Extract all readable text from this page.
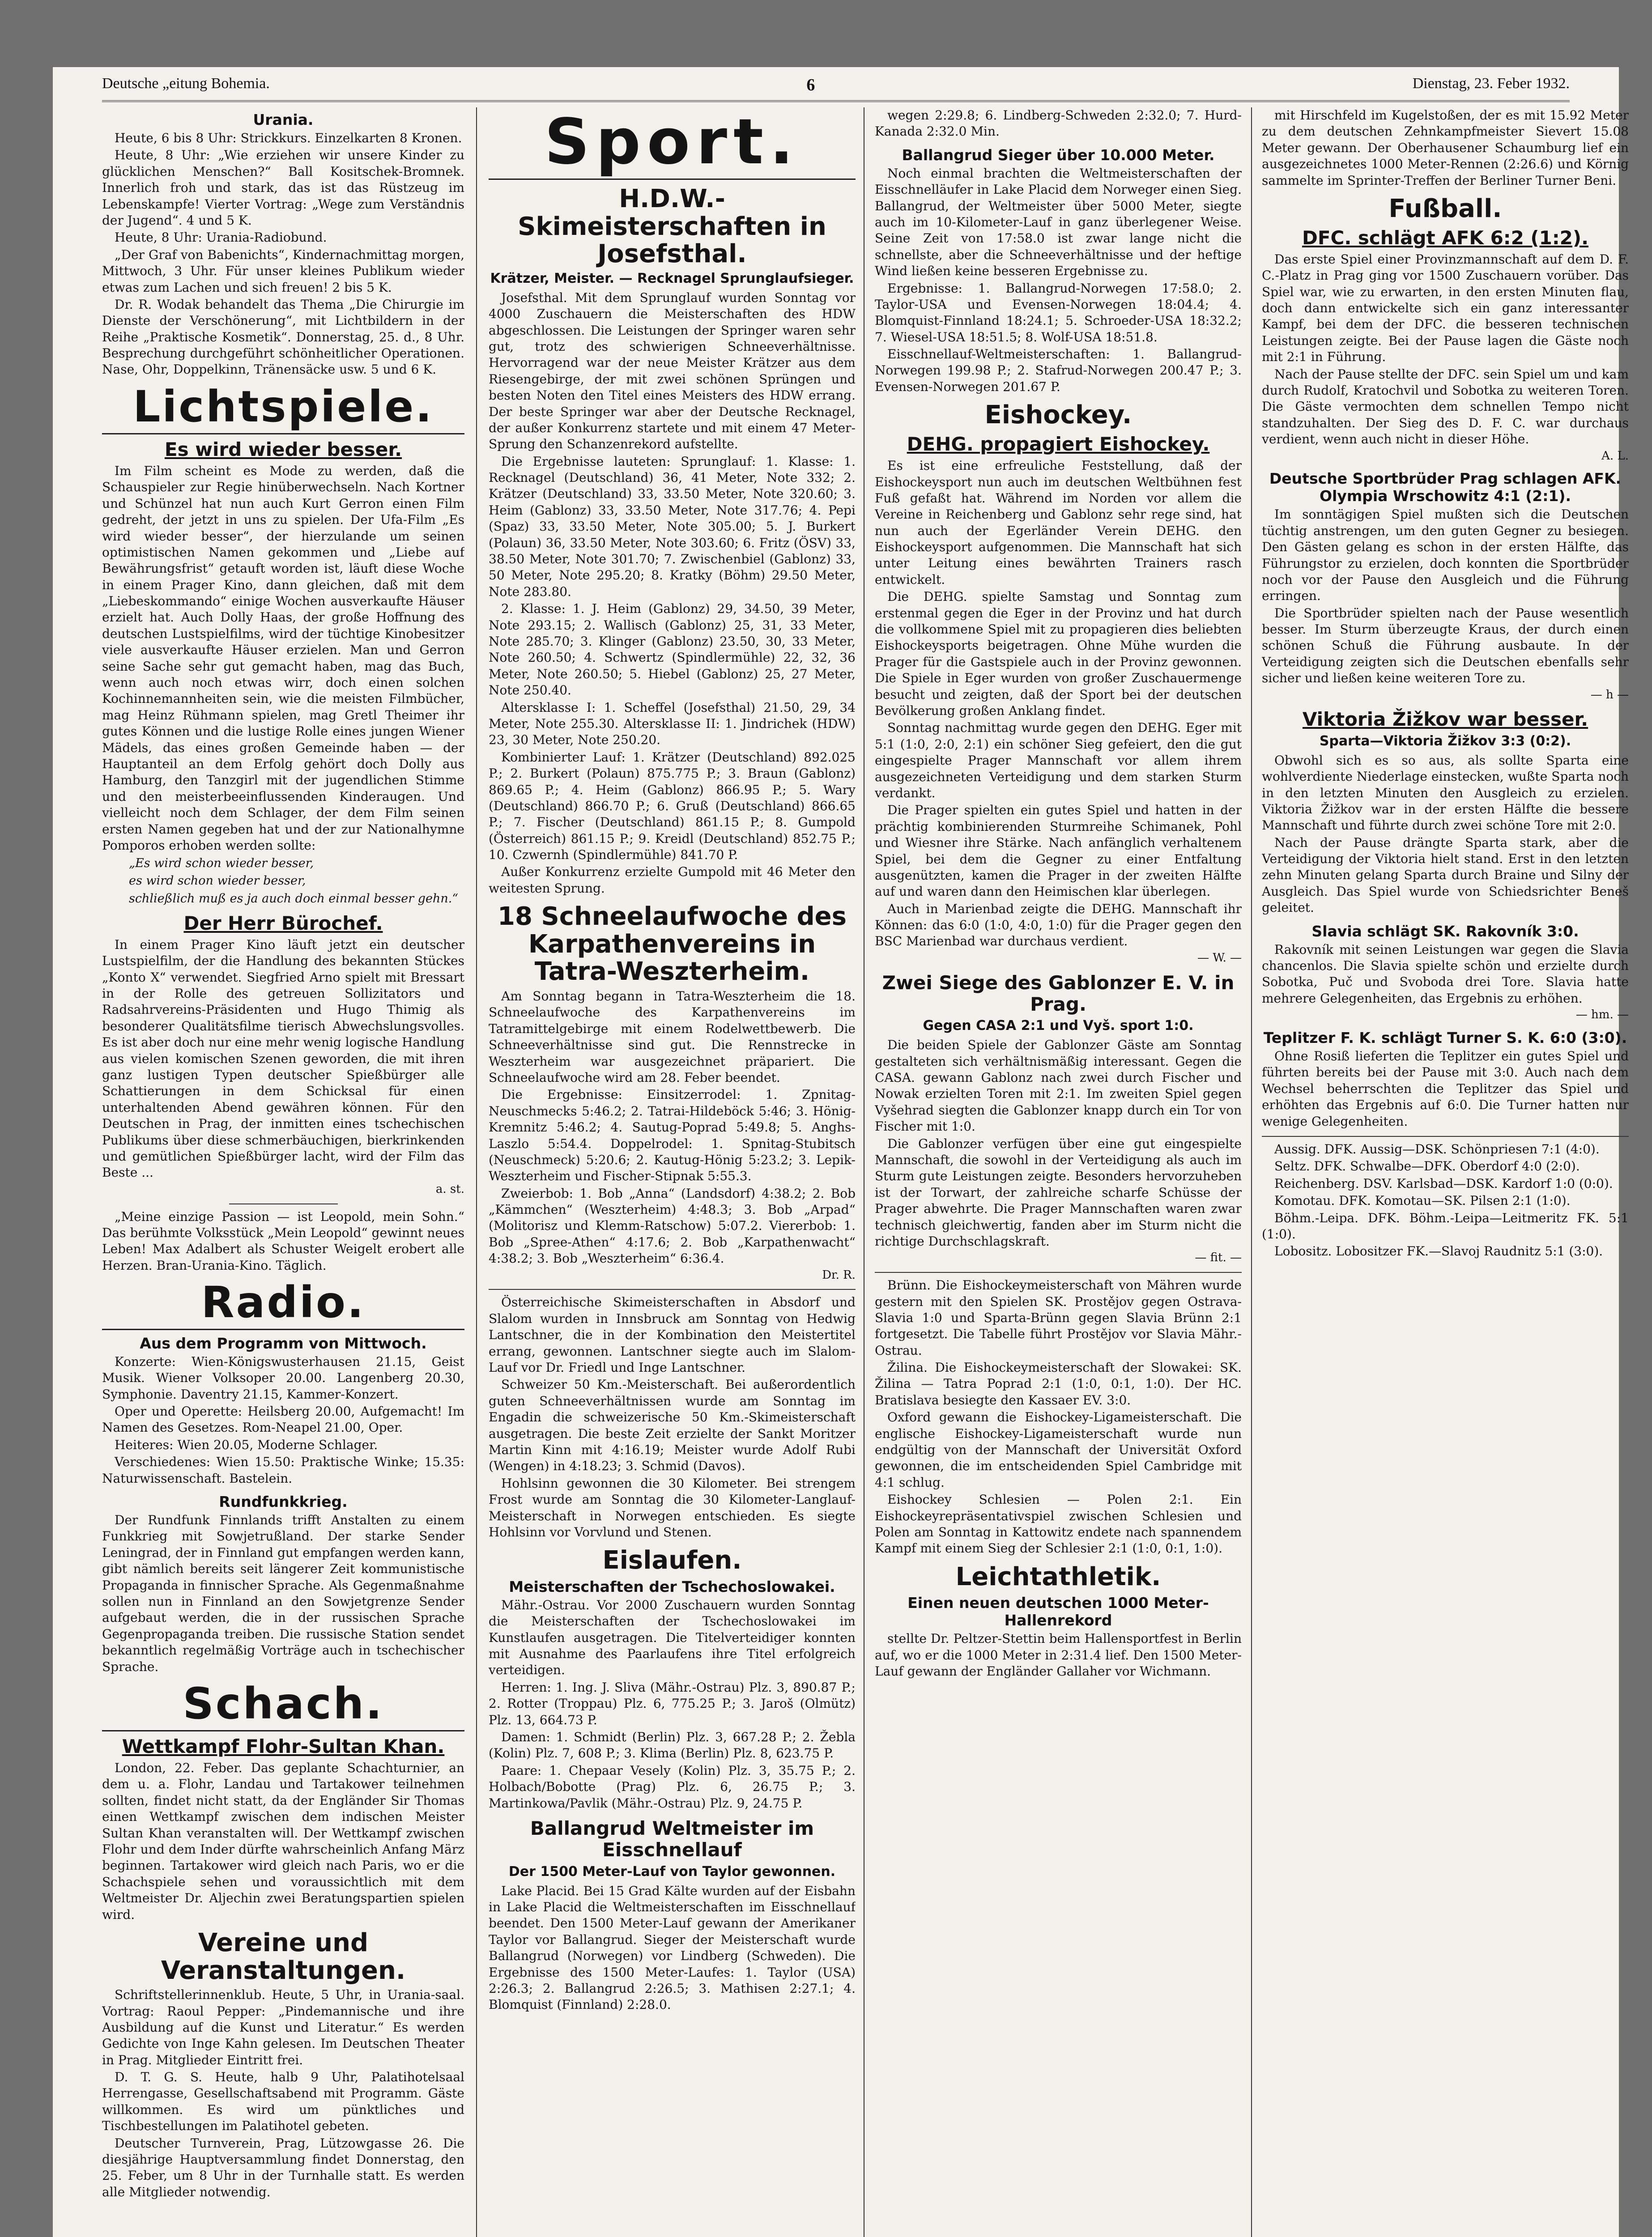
Deutsche „eitung Bohemia.	6	Dienstag, 23. Feber 1932.
Urania.

Heute, 6 bis 8 Uhr: Strickkurs. Einzelkarten 8 Kronen.

Heute, 8 Uhr: „Wie erziehen wir unsere Kinder zu glücklichen Menschen?“ Ball Kositschek-Bromnek. Innerlich froh und stark, das ist das Rüstzeug im Lebenskampfe! Vierter Vortrag: „Wege zum Verständnis der Jugend“. 4 und 5 K.

Heute, 8 Uhr: Urania-Radiobund.

„Der Graf von Babenichts“, Kindernachmittag morgen, Mittwoch, 3 Uhr. Für unser kleines Publikum wieder etwas zum Lachen und sich freuen! 2 bis 5 K.

Dr. R. Wodak behandelt das Thema „Die Chirurgie im Dienste der Verschönerung“, mit Lichtbildern in der Reihe „Praktische Kosmetik“. Donnerstag, 25. d., 8 Uhr. Besprechung durchgeführt schönheitlicher Operationen. Nase, Ohr, Doppelkinn, Tränensäcke usw. 5 und 6 K.

Lichtspiele.
Es wird wieder besser.

Im Film scheint es Mode zu werden, daß die Schauspieler zur Regie hinüberwechseln. Nach Kortner und Schünzel hat nun auch Kurt Gerron einen Film gedreht, der jetzt in uns zu spielen. Der Ufa-Film „Es wird wieder besser“, der hierzulande um seinen optimistischen Namen gekommen und „Liebe auf Bewährungsfrist“ getauft worden ist, läuft diese Woche in einem Prager Kino, dann gleichen, daß mit dem „Liebeskommando“ einige Wochen ausverkaufte Häuser erzielt hat. Auch Dolly Haas, der große Hoffnung des deutschen Lustspielfilms, wird der tüchtige Kinobesitzer viele ausverkaufte Häuser erzielen. Man und Gerron seine Sache sehr gut gemacht haben, mag das Buch, wenn auch noch etwas wirr, doch einen solchen Kochinnemannheiten sein, wie die meisten Filmbücher, mag Heinz Rühmann spielen, mag Gretl Theimer ihr gutes Können und die lustige Rolle eines jungen Wiener Mädels, das eines großen Gemeinde haben — der Hauptanteil an dem Erfolg gehört doch Dolly aus Hamburg, den Tanzgirl mit der jugendlichen Stimme und den meisterbeeinflussenden Kinderaugen. Und vielleicht noch dem Schlager, der dem Film seinen ersten Namen gegeben hat und der zur Nationalhymne Pomporos erhoben werden sollte:

„Es wird schon wieder besser,
es wird schon wieder besser,
schließlich muß es ja auch doch einmal besser gehn.“
Der Herr Bürochef.

In einem Prager Kino läuft jetzt ein deutscher Lustspielfilm, der die Handlung des bekannten Stückes „Konto X“ verwendet. Siegfried Arno spielt mit Bressart in der Rolle des getreuen Sollizitators und Radsahrvereins-Präsidenten und Hugo Thimig als besonderer Qualitätsfilme tierisch Abwechslungsvolles. Es ist aber doch nur eine mehr wenig logische Handlung aus vielen komischen Szenen geworden, die mit ihren ganz lustigen Typen deutscher Spießbürger alle Schattierungen in dem Schicksal für einen unterhaltenden Abend gewähren können. Für den Deutschen in Prag, der inmitten eines tschechischen Publikums über diese schmerbäuchigen, bierkrinkenden und gemütlichen Spießbürger lacht, wird der Film das Beste ...

a. st.

„Meine einzige Passion — ist Leopold, mein Sohn.“ Das berühmte Volksstück „Mein Leopold“ gewinnt neues Leben! Max Adalbert als Schuster Weigelt erobert alle Herzen. Bran-Urania-Kino. Täglich.

Radio.
Aus dem Programm von Mittwoch.

Konzerte: Wien-Königswusterhausen 21.15, Geist Musik. Wiener Volksoper 20.00. Langenberg 20.30, Symphonie. Daventry 21.15, Kammer-Konzert.

Oper und Operette: Heilsberg 20.00, Aufgemacht! Im Namen des Gesetzes. Rom-Neapel 21.00, Oper.

Heiteres: Wien 20.05, Moderne Schlager.

Verschiedenes: Wien 15.50: Praktische Winke; 15.35: Naturwissenschaft. Bastelein.

Rundfunkkrieg.

Der Rundfunk Finnlands trifft Anstalten zu einem Funkkrieg mit Sowjetrußland. Der starke Sender Leningrad, der in Finnland gut empfangen werden kann, gibt nämlich bereits seit längerer Zeit kommunistische Propaganda in finnischer Sprache. Als Gegenmaßnahme sollen nun in Finnland an den Sowjetgrenze Sender aufgebaut werden, die in der russischen Sprache Gegenpropaganda treiben. Die russische Station sendet bekanntlich regelmäßig Vorträge auch in tschechischer Sprache.

Schach.
Wettkampf Flohr-Sultan Khan.

London, 22. Feber. Das geplante Schachturnier, an dem u. a. Flohr, Landau und Tartakower teilnehmen sollten, findet nicht statt, da der Engländer Sir Thomas einen Wettkampf zwischen dem indischen Meister Sultan Khan veranstalten will. Der Wettkampf zwischen Flohr und dem Inder dürfte wahrscheinlich Anfang März beginnen. Tartakower wird gleich nach Paris, wo er die Schachspiele sehen und voraussichtlich mit dem Weltmeister Dr. Aljechin zwei Beratungspartien spielen wird.

Vereine und Veranstaltungen.

Schriftstellerinnenklub. Heute, 5 Uhr, in Urania-saal. Vortrag: Raoul Pepper: „Pindemannische und ihre Ausbildung auf die Kunst und Literatur.“ Es werden Gedichte von Inge Kahn gelesen. Im Deutschen Theater in Prag. Mitglieder Eintritt frei.

D. T. G. S. Heute, halb 9 Uhr, Palatihotelsaal Herrengasse, Gesellschaftsabend mit Programm. Gäste willkommen. Es wird um pünktliches und Tischbestellungen im Palatihotel gebeten.

Deutscher Turnverein, Prag, Lützowgasse 26. Die diesjährige Hauptversammlung findet Donnerstag, den 25. Feber, um 8 Uhr in der Turnhalle statt. Es werden alle Mitglieder notwendig.

Sport.
H.D.W.-Skimeisterschaften in Josefsthal.
Krätzer, Meister. — Recknagel Sprunglaufsieger.

Josefsthal. Mit dem Sprunglauf wurden Sonntag vor 4000 Zuschauern die Meisterschaften des HDW abgeschlossen. Die Leistungen der Springer waren sehr gut, trotz des schwierigen Schneeverhältnisse. Hervorragend war der neue Meister Krätzer aus dem Riesengebirge, der mit zwei schönen Sprüngen und besten Noten den Titel eines Meisters des HDW errang. Der beste Springer war aber der Deutsche Recknagel, der außer Konkurrenz startete und mit einem 47 Meter-Sprung den Schanzenrekord aufstellte.

Die Ergebnisse lauteten: Sprunglauf: 1. Klasse: 1. Recknagel (Deutschland) 36, 41 Meter, Note 332; 2. Krätzer (Deutschland) 33, 33.50 Meter, Note 320.60; 3. Heim (Gablonz) 33, 33.50 Meter, Note 317.76; 4. Pepi (Spaz) 33, 33.50 Meter, Note 305.00; 5. J. Burkert (Polaun) 36, 33.50 Meter, Note 303.60; 6. Fritz (ÖSV) 33, 38.50 Meter, Note 301.70; 7. Zwischenbiel (Gablonz) 33, 50 Meter, Note 295.20; 8. Kratky (Böhm) 29.50 Meter, Note 283.80.

2. Klasse: 1. J. Heim (Gablonz) 29, 34.50, 39 Meter, Note 293.15; 2. Wallisch (Gablonz) 25, 31, 33 Meter, Note 285.70; 3. Klinger (Gablonz) 23.50, 30, 33 Meter, Note 260.50; 4. Schwertz (Spindlermühle) 22, 32, 36 Meter, Note 260.50; 5. Hiebel (Gablonz) 25, 27 Meter, Note 250.40.

Altersklasse I: 1. Scheffel (Josefsthal) 21.50, 29, 34 Meter, Note 255.30. Altersklasse II: 1. Jindrichek (HDW) 23, 30 Meter, Note 250.20.

Kombinierter Lauf: 1. Krätzer (Deutschland) 892.025 P.; 2. Burkert (Polaun) 875.775 P.; 3. Braun (Gablonz) 869.65 P.; 4. Heim (Gablonz) 866.95 P.; 5. Wary (Deutschland) 866.70 P.; 6. Gruß (Deutschland) 866.65 P.; 7. Fischer (Deutschland) 861.15 P.; 8. Gumpold (Österreich) 861.15 P.; 9. Kreidl (Deutschland) 852.75 P.; 10. Czwernh (Spindlermühle) 841.70 P.

Außer Konkurrenz erzielte Gumpold mit 46 Meter den weitesten Sprung.

18 Schneelaufwoche des Karpathenvereins in Tatra-Weszterheim.

Am Sonntag begann in Tatra-Weszterheim die 18. Schneelaufwoche des Karpathenvereins im Tatramittelgebirge mit einem Rodelwettbewerb. Die Schneeverhältnisse sind gut. Die Rennstrecke in Weszterheim war ausgezeichnet präpariert. Die Schneelaufwoche wird am 28. Feber beendet.

Die Ergebnisse: Einsitzerrodel: 1. Zpnitag-Neuschmecks 5:46.2; 2. Tatrai-Hildeböck 5:46; 3. Hönig-Kremnitz 5:46.2; 4. Sautug-Poprad 5:49.8; 5. Anghs-Laszlo 5:54.4. Doppelrodel: 1. Spnitag-Stubitsch (Neuschmeck) 5:20.6; 2. Kautug-Hönig 5:23.2; 3. Lepik-Weszterheim und Fischer-Stipnak 5:55.3.

Zweierbob: 1. Bob „Anna“ (Landsdorf) 4:38.2; 2. Bob „Kämmchen“ (Weszterheim) 4:48.3; 3. Bob „Arpad“ (Molitorisz und Klemm-Ratschow) 5:07.2. Viererbob: 1. Bob „Spree-Athen“ 4:17.6; 2. Bob „Karpathenwacht“ 4:38.2; 3. Bob „Weszterheim“ 6:36.4.

Dr. R.

Österreichische Skimeisterschaften in Absdorf und Slalom wurden in Innsbruck am Sonntag von Hedwig Lantschner, die in der Kombination den Meistertitel errang, gewonnen. Lantschner siegte auch im Slalom-Lauf vor Dr. Friedl und Inge Lantschner.

Schweizer 50 Km.-Meisterschaft. Bei außerordentlich guten Schneeverhältnissen wurde am Sonntag im Engadin die schweizerische 50 Km.-Skimeisterschaft ausgetragen. Die beste Zeit erzielte der Sankt Moritzer Martin Kinn mit 4:16.19; Meister wurde Adolf Rubi (Wengen) in 4:18.23; 3. Schmid (Davos).

Hohlsinn gewonnen die 30 Kilometer. Bei strengem Frost wurde am Sonntag die 30 Kilometer-Langlauf-Meisterschaft in Norwegen entschieden. Es siegte Hohlsinn vor Vorvlund und Stenen.

Eislaufen.
Meisterschaften der Tschechoslowakei.

Mähr.-Ostrau. Vor 2000 Zuschauern wurden Sonntag die Meisterschaften der Tschechoslowakei im Kunstlaufen ausgetragen. Die Titelverteidiger konnten mit Ausnahme des Paarlaufens ihre Titel erfolgreich verteidigen.

Herren: 1. Ing. J. Sliva (Mähr.-Ostrau) Plz. 3, 890.87 P.; 2. Rotter (Troppau) Plz. 6, 775.25 P.; 3. Jaroš (Olmütz) Plz. 13, 664.73 P.

Damen: 1. Schmidt (Berlin) Plz. 3, 667.28 P.; 2. Žebla (Kolin) Plz. 7, 608 P.; 3. Klima (Berlin) Plz. 8, 623.75 P.

Paare: 1. Chepaar Vesely (Kolin) Plz. 3, 35.75 P.; 2. Holbach/Bobotte (Prag) Plz. 6, 26.75 P.; 3. Martinkowa/Pavlik (Mähr.-Ostrau) Plz. 9, 24.75 P.

Ballangrud Weltmeister im Eisschnellauf
Der 1500 Meter-Lauf von Taylor gewonnen.

Lake Placid. Bei 15 Grad Kälte wurden auf der Eisbahn in Lake Placid die Weltmeisterschaften im Eisschnellauf beendet. Den 1500 Meter-Lauf gewann der Amerikaner Taylor vor Ballangrud. Sieger der Meisterschaft wurde Ballangrud (Norwegen) vor Lindberg (Schweden). Die Ergebnisse des 1500 Meter-Laufes: 1. Taylor (USA) 2:26.3; 2. Ballangrud 2:26.5; 3. Mathisen 2:27.1; 4. Blomquist (Finnland) 2:28.0.

wegen 2:29.8; 6. Lindberg-Schweden 2:32.0; 7. Hurd-Kanada 2:32.0 Min.

Ballangrud Sieger über 10.000 Meter.

Noch einmal brachten die Weltmeisterschaften der Eisschnelläufer in Lake Placid dem Norweger einen Sieg. Ballangrud, der Weltmeister über 5000 Meter, siegte auch im 10-Kilometer-Lauf in ganz überlegener Weise. Seine Zeit von 17:58.0 ist zwar lange nicht die schnellste, aber die Schneeverhältnisse und der heftige Wind ließen keine besseren Ergebnisse zu.

Ergebnisse: 1. Ballangrud-Norwegen 17:58.0; 2. Taylor-USA und Evensen-Norwegen 18:04.4; 4. Blomquist-Finnland 18:24.1; 5. Schroeder-USA 18:32.2; 7. Wiesel-USA 18:51.5; 8. Wolf-USA 18:51.8.

Eisschnellauf-Weltmeisterschaften: 1. Ballangrud-Norwegen 199.98 P.; 2. Stafrud-Norwegen 200.47 P.; 3. Evensen-Norwegen 201.67 P.

Eishockey.
DEHG. propagiert Eishockey.

Es ist eine erfreuliche Feststellung, daß der Eishockeysport nun auch im deutschen Weltbühnen fest Fuß gefaßt hat. Während im Norden vor allem die Vereine in Reichenberg und Gablonz sehr rege sind, hat nun auch der Egerländer Verein DEHG. den Eishockeysport aufgenommen. Die Mannschaft hat sich unter Leitung eines bewährten Trainers rasch entwickelt.

Die DEHG. spielte Samstag und Sonntag zum erstenmal gegen die Eger in der Provinz und hat durch die vollkommene Spiel mit zu propagieren dies beliebten Eishockeysports beigetragen. Ohne Mühe wurden die Prager für die Gastspiele auch in der Provinz gewonnen. Die Spiele in Eger wurden von großer Zuschauermenge besucht und zeigten, daß der Sport bei der deutschen Bevölkerung großen Anklang findet.

Sonntag nachmittag wurde gegen den DEHG. Eger mit 5:1 (1:0, 2:0, 2:1) ein schöner Sieg gefeiert, den die gut eingespielte Prager Mannschaft vor allem ihrem ausgezeichneten Verteidigung und dem starken Sturm verdankt.

Die Prager spielten ein gutes Spiel und hatten in der prächtig kombinierenden Sturmreihe Schimanek, Pohl und Wiesner ihre Stärke. Nach anfänglich verhaltenem Spiel, bei dem die Gegner zu einer Entfaltung ausgenützten, kamen die Prager in der zweiten Hälfte auf und waren dann den Heimischen klar überlegen.

Auch in Marienbad zeigte die DEHG. Mannschaft ihr Können: das 6:0 (1:0, 4:0, 1:0) für die Prager gegen den BSC Marienbad war durchaus verdient.

— W. —
Zwei Siege des Gablonzer E. V. in Prag.
Gegen CASA 2:1 und Vyš. sport 1:0.

Die beiden Spiele der Gablonzer Gäste am Sonntag gestalteten sich verhältnismäßig interessant. Gegen die CASA. gewann Gablonz nach zwei durch Fischer und Nowak erzielten Toren mit 2:1. Im zweiten Spiel gegen Vyšehrad siegten die Gablonzer knapp durch ein Tor von Fischer mit 1:0.

Die Gablonzer verfügen über eine gut eingespielte Mannschaft, die sowohl in der Verteidigung als auch im Sturm gute Leistungen zeigte. Besonders hervorzuheben ist der Torwart, der zahlreiche scharfe Schüsse der Prager abwehrte. Die Prager Mannschaften waren zwar technisch gleichwertig, fanden aber im Sturm nicht die richtige Durchschlagskraft.

— fit. —

Brünn. Die Eishockeymeisterschaft von Mähren wurde gestern mit den Spielen SK. Prostějov gegen Ostrava-Slavia 1:0 und Sparta-Brünn gegen Slavia Brünn 2:1 fortgesetzt. Die Tabelle führt Prostějov vor Slavia Mähr.-Ostrau.

Žilina. Die Eishockeymeisterschaft der Slowakei: SK. Žilina — Tatra Poprad 2:1 (1:0, 0:1, 1:0). Der HC. Bratislava besiegte den Kassaer EV. 3:0.

Oxford gewann die Eishockey-Ligameisterschaft. Die englische Eishockey-Ligameisterschaft wurde nun endgültig von der Mannschaft der Universität Oxford gewonnen, die im entscheidenden Spiel Cambridge mit 4:1 schlug.

Eishockey Schlesien — Polen 2:1. Ein Eishockeyrepräsentativspiel zwischen Schlesien und Polen am Sonntag in Kattowitz endete nach spannendem Kampf mit einem Sieg der Schlesier 2:1 (1:0, 0:1, 1:0).

Leichtathletik.
Einen neuen deutschen 1000 Meter-Hallenrekord

stellte Dr. Peltzer-Stettin beim Hallensportfest in Berlin auf, wo er die 1000 Meter in 2:31.4 lief. Den 1500 Meter-Lauf gewann der Engländer Gallaher vor Wichmann.

mit Hirschfeld im Kugelstoßen, der es mit 15.92 Meter zu dem deutschen Zehnkampfmeister Sievert 15.08 Meter gewann. Der Oberhausener Schaumburg lief ein ausgezeichnetes 1000 Meter-Rennen (2:26.6) und Körnig sammelte im Sprinter-Treffen der Berliner Turner Beni.

Fußball.
DFC. schlägt AFK 6:2 (1:2).

Das erste Spiel einer Provinzmannschaft auf dem D. F. C.-Platz in Prag ging vor 1500 Zuschauern vorüber. Das Spiel war, wie zu erwarten, in den ersten Minuten flau, doch dann entwickelte sich ein ganz interessanter Kampf, bei dem der DFC. die besseren technischen Leistungen zeigte. Bei der Pause lagen die Gäste noch mit 2:1 in Führung.

Nach der Pause stellte der DFC. sein Spiel um und kam durch Rudolf, Kratochvil und Sobotka zu weiteren Toren. Die Gäste vermochten dem schnellen Tempo nicht standzuhalten. Der Sieg des D. F. C. war durchaus verdient, wenn auch nicht in dieser Höhe.

A. L.
Deutsche Sportbrüder Prag schlagen AFK. Olympia Wrschowitz 4:1 (2:1).

Im sonntägigen Spiel mußten sich die Deutschen tüchtig anstrengen, um den guten Gegner zu besiegen. Den Gästen gelang es schon in der ersten Hälfte, das Führungstor zu erzielen, doch konnten die Sportbrüder noch vor der Pause den Ausgleich und die Führung erringen.

Die Sportbrüder spielten nach der Pause wesentlich besser. Im Sturm überzeugte Kraus, der durch einen schönen Schuß die Führung ausbaute. In der Verteidigung zeigten sich die Deutschen ebenfalls sehr sicher und ließen keine weiteren Tore zu.

— h —
Viktoria Žižkov war besser.
Sparta—Viktoria Žižkov 3:3 (0:2).

Obwohl sich es so aus, als sollte Sparta eine wohlverdiente Niederlage einstecken, wußte Sparta noch in den letzten Minuten den Ausgleich zu erzielen. Viktoria Žižkov war in der ersten Hälfte die bessere Mannschaft und führte durch zwei schöne Tore mit 2:0.

Nach der Pause drängte Sparta stark, aber die Verteidigung der Viktoria hielt stand. Erst in den letzten zehn Minuten gelang Sparta durch Braine und Silny der Ausgleich. Das Spiel wurde von Schiedsrichter Beneš geleitet.

Slavia schlägt SK. Rakovník 3:0.

Rakovník mit seinen Leistungen war gegen die Slavia chancenlos. Die Slavia spielte schön und erzielte durch Sobotka, Puč und Svoboda drei Tore. Slavia hatte mehrere Gelegenheiten, das Ergebnis zu erhöhen.

— hm. —
Teplitzer F. K. schlägt Turner S. K. 6:0 (3:0).

Ohne Rosiß lieferten die Teplitzer ein gutes Spiel und führten bereits bei der Pause mit 3:0. Auch nach dem Wechsel beherrschten die Teplitzer das Spiel und erhöhten das Ergebnis auf 6:0. Die Turner hatten nur wenige Gelegenheiten.

Aussig. DFK. Aussig—DSK. Schönpriesen 7:1 (4:0).

Seltz. DFK. Schwalbe—DFK. Oberdorf 4:0 (2:0).

Reichenberg. DSV. Karlsbad—DSK. Kardorf 1:0 (0:0).

Komotau. DFK. Komotau—SK. Pilsen 2:1 (1:0).

Böhm.-Leipa. DFK. Böhm.-Leipa—Leitmeritz FK. 5:1 (1:0).

Lobositz. Lobositzer FK.—Slavoj Raudnitz 5:1 (3:0).
